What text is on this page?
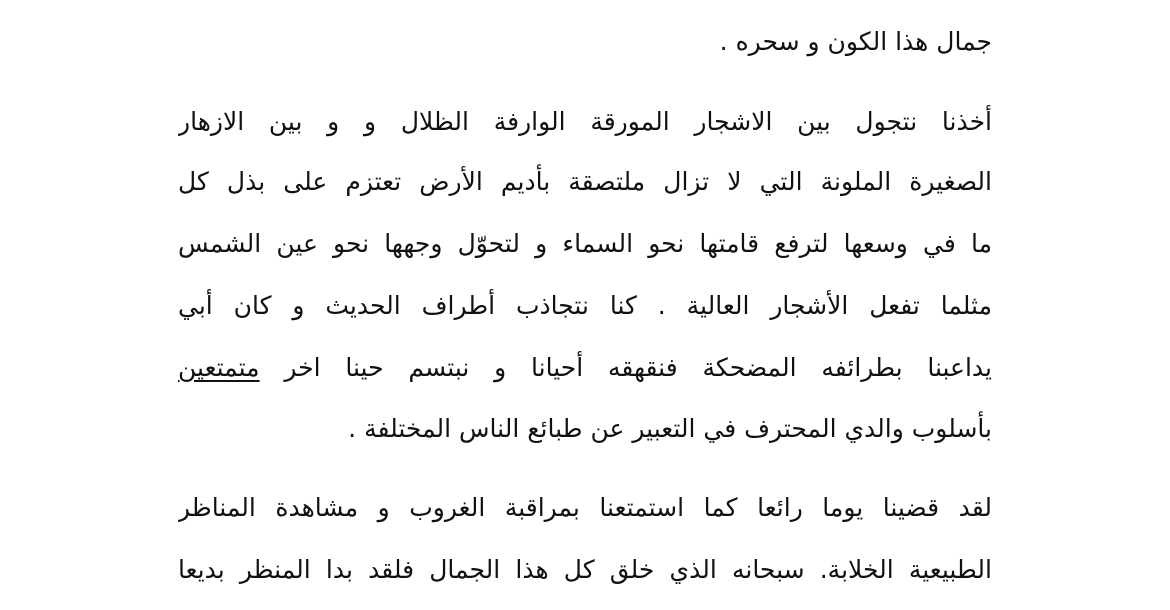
جمال هذا الكون و سحره .
أخذنا نتجول بين الاشجار المورقة الوارفة الظلال و و بين الازهار
الصغيرة الملونة التي لا تزال ملتصقة بأديم الأرض تعتزم على بذل كل
ما في وسعها لترفع قامتها نحو السماء و لتحوّل وجهها نحو عين الشمس
مثلما تفعل الأشجار العالية . كنا نتجاذب أطراف الحديث و كان أبي
يداعبنا بطرائفه المضحكة فنقهقه أحيانا و نبتسم حينا اخر متمتعين
بأسلوب والدي المحترف في التعبير عن طبائع الناس المختلفة .
لقد قضينا يوما رائعا كما استمتعنا بمراقبة الغروب و مشاهدة المناظر
الطبيعية الخلابة. سبحانه الذي خلق كل هذا الجمال فلقد بدا المنظر بديعا
